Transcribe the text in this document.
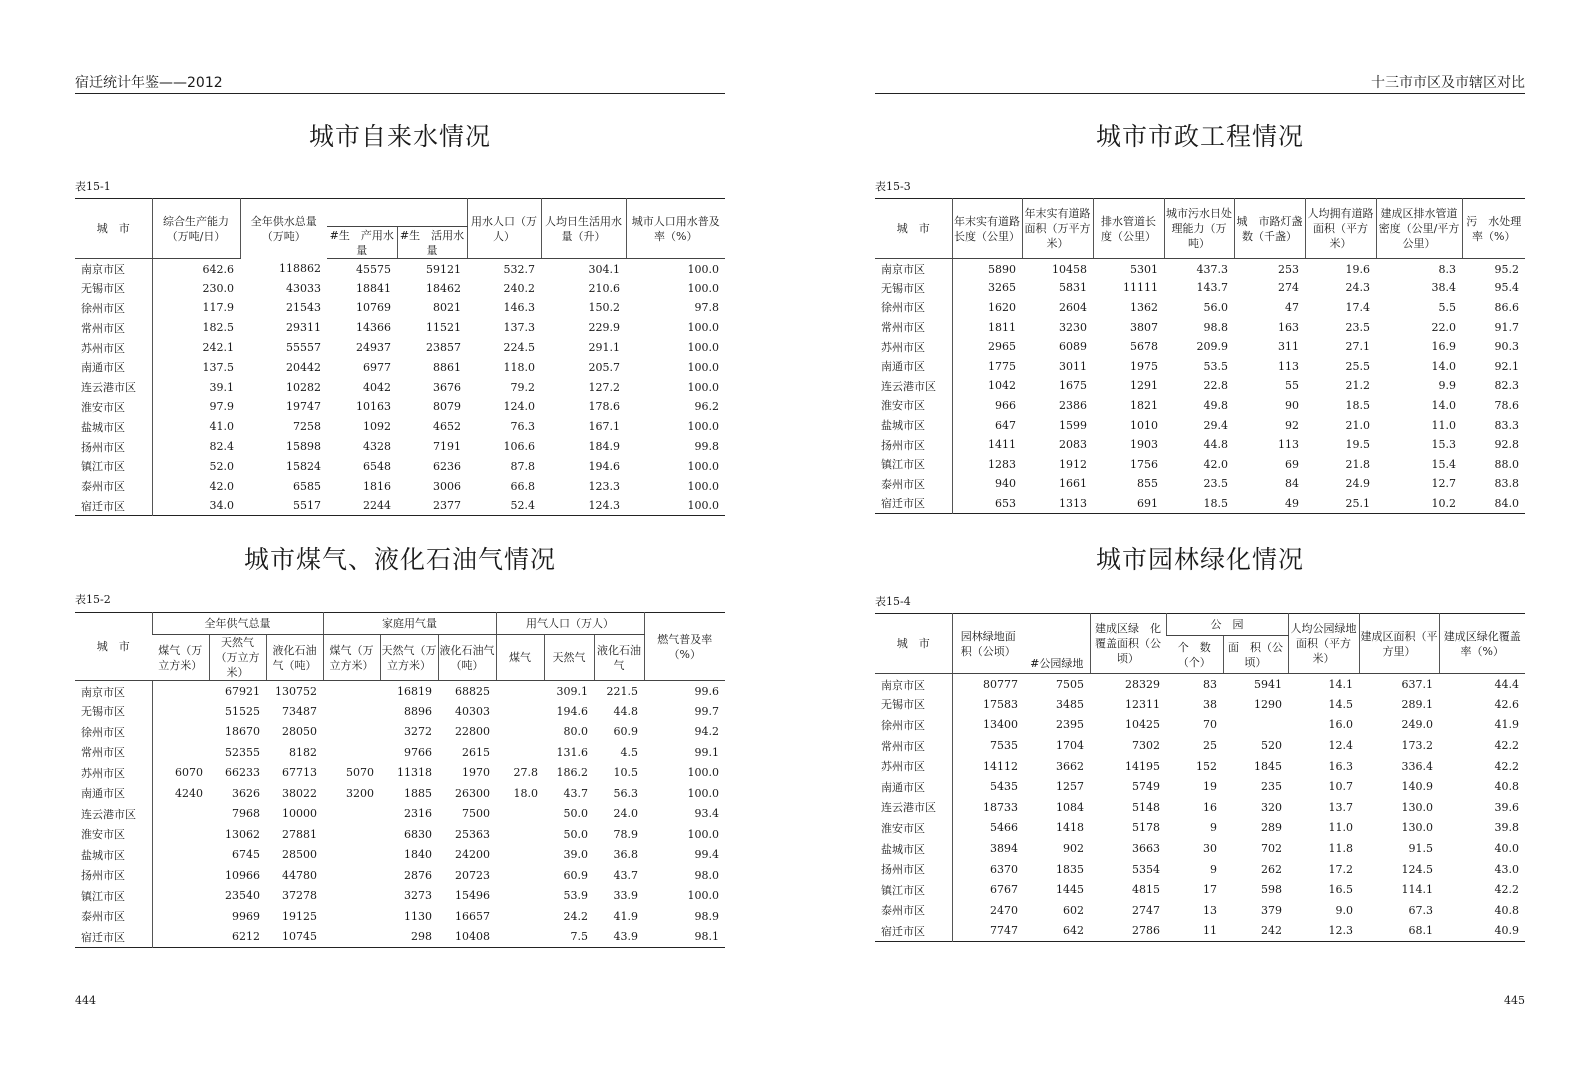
宿迁统计年鉴——2012
城市自来水情况
表15-1
城　市	综合生产能力（万吨/日）	全年供水总量（万吨）			用水人口（万人）	人均日生活用水量（升）	城市人口用水普及率（%）
			#生　产用水量	#生　活用水量			
南京市区	642.6	118862	45575	59121	532.7	304.1	100.0
无锡市区	230.0	43033	18841	18462	240.2	210.6	100.0
徐州市区	117.9	21543	10769	8021	146.3	150.2	97.8
常州市区	182.5	29311	14366	11521	137.3	229.9	100.0
苏州市区	242.1	55557	24937	23857	224.5	291.1	100.0
南通市区	137.5	20442	6977	8861	118.0	205.7	100.0
连云港市区	39.1	10282	4042	3676	79.2	127.2	100.0
淮安市区	97.9	19747	10163	8079	124.0	178.6	96.2
盐城市区	41.0	7258	1092	4652	76.3	167.1	100.0
扬州市区	82.4	15898	4328	7191	106.6	184.9	99.8
镇江市区	52.0	15824	6548	6236	87.8	194.6	100.0
泰州市区	42.0	6585	1816	3006	66.8	123.3	100.0
宿迁市区	34.0	5517	2244	2377	52.4	124.3	100.0
城市煤气、液化石油气情况
表15-2
城　市	全年供气总量			家庭用气量			用气人口（万人）			燃气普及率（%）
	煤气（万立方米）	天然气（万立方米）	液化石油气（吨）	煤气（万立方米）	天然气（万立方米）	液化石油气（吨）	煤气	天然气	液化石油气	
南京市区		67921	130752		16819	68825		309.1	221.5	99.6
无锡市区		51525	73487		8896	40303		194.6	44.8	99.7
徐州市区		18670	28050		3272	22800		80.0	60.9	94.2
常州市区		52355	8182		9766	2615		131.6	4.5	99.1
苏州市区	6070	66233	67713	5070	11318	1970	27.8	186.2	10.5	100.0
南通市区	4240	3626	38022	3200	1885	26300	18.0	43.7	56.3	100.0
连云港市区		7968	10000		2316	7500		50.0	24.0	93.4
淮安市区		13062	27881		6830	25363		50.0	78.9	100.0
盐城市区		6745	28500		1840	24200		39.0	36.8	99.4
扬州市区		10966	44780		2876	20723		60.9	43.7	98.0
镇江市区		23540	37278		3273	15496		53.9	33.9	100.0
泰州市区		9969	19125		1130	16657		24.2	41.9	98.9
宿迁市区		6212	10745		298	10408		7.5	43.9	98.1
444
十三市市区及市辖区对比
城市市政工程情况
表15-3
城　市	年末实有道路长度（公里）	年末实有道路面积（万平方米）	排水管道长　度（公里）	城市污水日处理能力（万吨）	城　市路灯盏数（千盏）	人均拥有道路面积（平方米）	建成区排水管道密度（公里/平方公里）	污　水处理率（%）
南京市区	5890	10458	5301	437.3	253	19.6	8.3	95.2
无锡市区	3265	5831	11111	143.7	274	24.3	38.4	95.4
徐州市区	1620	2604	1362	56.0	47	17.4	5.5	86.6
常州市区	1811	3230	3807	98.8	163	23.5	22.0	91.7
苏州市区	2965	6089	5678	209.9	311	27.1	16.9	90.3
南通市区	1775	3011	1975	53.5	113	25.5	14.0	92.1
连云港市区	1042	1675	1291	22.8	55	21.2	9.9	82.3
淮安市区	966	2386	1821	49.8	90	18.5	14.0	78.6
盐城市区	647	1599	1010	29.4	92	21.0	11.0	83.3
扬州市区	1411	2083	1903	44.8	113	19.5	15.3	92.8
镇江市区	1283	1912	1756	42.0	69	21.8	15.4	88.0
泰州市区	940	1661	855	23.5	84	24.9	12.7	83.8
宿迁市区	653	1313	691	18.5	49	25.1	10.2	84.0
城市园林绿化情况
表15-4
城　市	园林绿地面　积（公顷）	#公园绿地	建成区绿　化覆盖面积（公顷）	公　园		人均公园绿地面积（平方米）	建成区面积（平方里）	建成区绿化覆盖率（%）
				个　数（个）	面　积（公顷）			
南京市区	80777	7505	28329	83	5941	14.1	637.1	44.4
无锡市区	17583	3485	12311	38	1290	14.5	289.1	42.6
徐州市区	13400	2395	10425	70		16.0	249.0	41.9
常州市区	7535	1704	7302	25	520	12.4	173.2	42.2
苏州市区	14112	3662	14195	152	1845	16.3	336.4	42.2
南通市区	5435	1257	5749	19	235	10.7	140.9	40.8
连云港市区	18733	1084	5148	16	320	13.7	130.0	39.6
淮安市区	5466	1418	5178	9	289	11.0	130.0	39.8
盐城市区	3894	902	3663	30	702	11.8	91.5	40.0
扬州市区	6370	1835	5354	9	262	17.2	124.5	43.0
镇江市区	6767	1445	4815	17	598	16.5	114.1	42.2
泰州市区	2470	602	2747	13	379	9.0	67.3	40.8
宿迁市区	7747	642	2786	11	242	12.3	68.1	40.9
445
